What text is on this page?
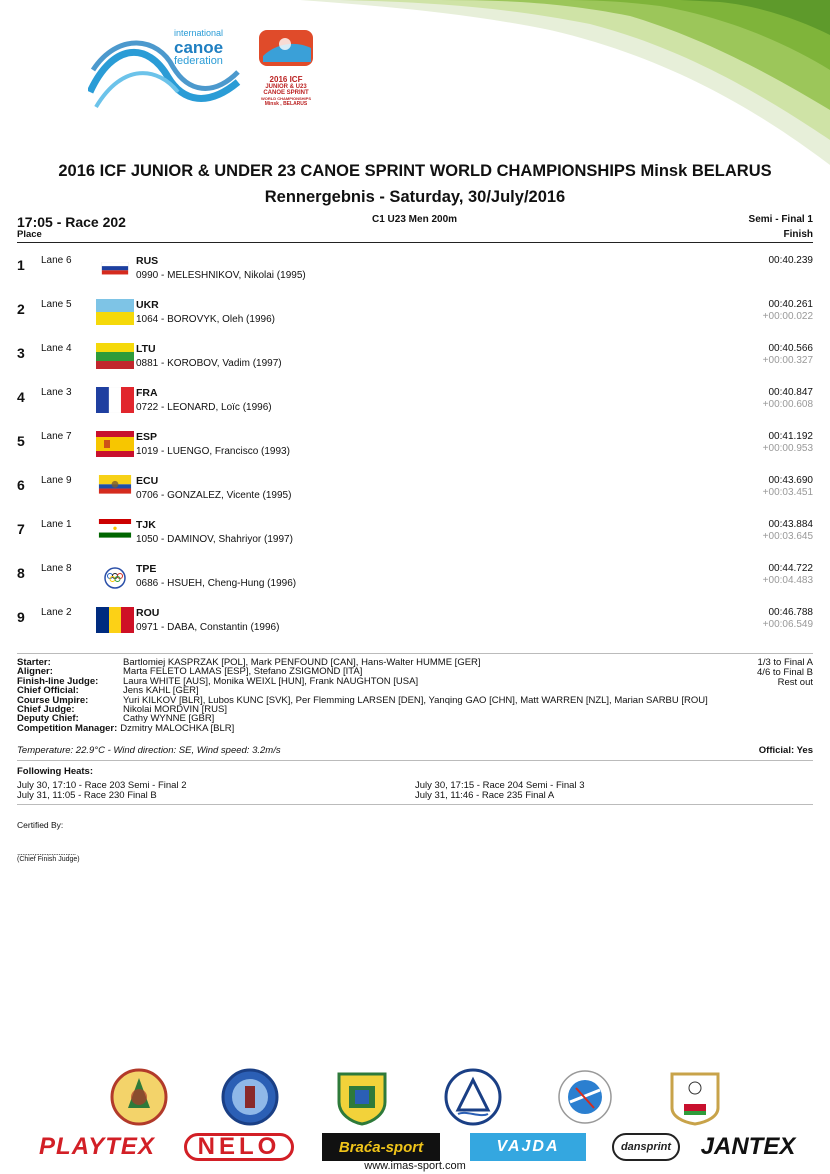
international
canoe
federation
2016 ICF
JUNIOR & U23
CANOE SPRINT
WORLD CHAMPIONSHIPS
Minsk , BELARUS
2016 ICF JUNIOR & UNDER 23 CANOE SPRINT WORLD CHAMPIONSHIPS Minsk BELARUS
Rennergebnis - Saturday, 30/July/2016
17:05 - Race 202
Place
C1 U23 Men 200m	Semi - Final 1
Finish
1 Lane 6	RUS
0990 - MELESHNIKOV, Nikolai (1995)
00:40.239
2 Lane 5	UKR
1064 - BOROVYK, Oleh (1996)
00:40.261
+00:00.022
3 Lane 4	LTU
0881 - KOROBOV, Vadim (1997)
00:40.566
+00:00.327
4 Lane 3	FRA
0722 - LEONARD, Loïc (1996)
00:40.847
+00:00.608
5 Lane 7	ESP
1019 - LUENGO, Francisco (1993)
00:41.192
+00:00.953
6 Lane 9	ECU
0706 - GONZALEZ, Vicente (1995)
00:43.690
+00:03.451
7 Lane 1	TJK
1050 - DAMINOV, Shahriyor (1997)
00:43.884
+00:03.645
8 Lane 8	TPE
0686 - HSUEH, Cheng-Hung (1996)
00:44.722
+00:04.483
9 Lane 2	ROU
0971 - DABA, Constantin (1996)
00:46.788
+00:06.549
Starter:	Bartlomiej KASPRZAK [POL], Mark PENFOUND [CAN], Hans-Walter HUMME [GER]
Aligner:	Marta FELETO LAMAS [ESP], Stefano ZSIGMOND [ITA]
Finish-line Judge:	Laura WHITE [AUS], Monika WEIXL [HUN], Frank NAUGHTON [USA]
Chief Official:	Jens KAHL [GER]
Course Umpire:	Yuri KILKOV [BLR], Lubos KUNC [SVK], Per Flemming LARSEN [DEN], Yanqing GAO [CHN], Matt WARREN [NZL], Marian SARBU [ROU]
Chief Judge:	Nikolai MORDVIN [RUS]
Deputy Chief:	Cathy WYNNE [GBR]
Competition Manager: Dzmitry MALOCHKA [BLR]
1/3 to Final A
4/6 to Final B
Rest out
Temperature: 22.9°C - Wind direction: SE, Wind speed: 3.2m/s	Official: Yes
Following Heats:
July 30, 17:10 - Race 203 Semi - Final 2
July 31, 11:05 - Race 230 Final B
July 30, 17:15 - Race 204 Semi - Final 3
July 31, 11:46 - Race 235 Final A
Certified By:
..................................
(Chief Finish Judge)
PLAYTEX	NELO	Braća-sport	VAJDA	dansprint	JANTEX
www.imas-sport.com
